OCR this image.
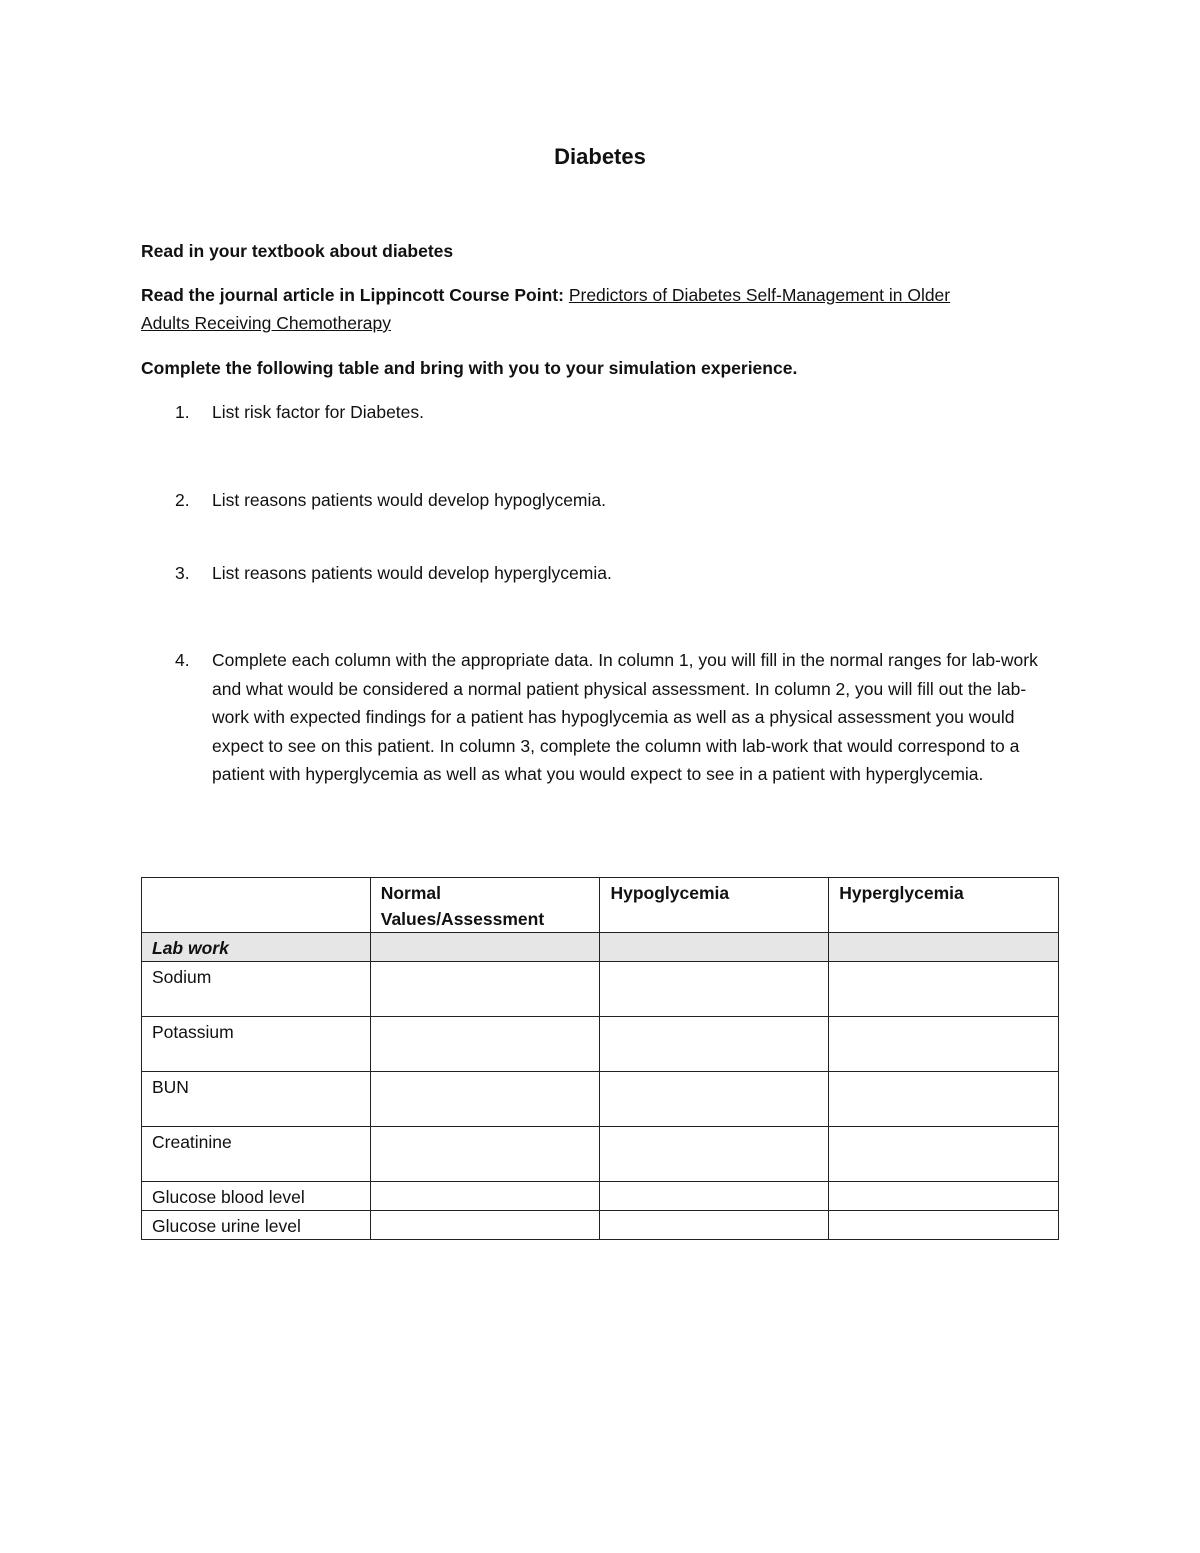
Diabetes
Read in your textbook about diabetes
Read the journal article in Lippincott Course Point: Predictors of Diabetes Self-Management in Older
Adults Receiving Chemotherapy
Complete the following table and bring with you to your simulation experience.
1.	List risk factor for Diabetes.
2.	List reasons patients would develop hypoglycemia.
3.	List reasons patients would develop hyperglycemia.
4.	Complete each column with the appropriate data. In column 1, you will fill in the normal ranges for lab-work and what would be considered a normal patient physical assessment. In column 2, you will fill out the lab-work with expected findings for a patient has hypoglycemia as well as a physical assessment you would expect to see on this patient. In column 3, complete the column with lab-work that would correspond to a patient with hyperglycemia as well as what you would expect to see in a patient with hyperglycemia.
	Normal Values/Assessment	Hypoglycemia	Hyperglycemia
Lab work			
Sodium			
Potassium			
BUN			
Creatinine			
Glucose blood level			
Glucose urine level			
